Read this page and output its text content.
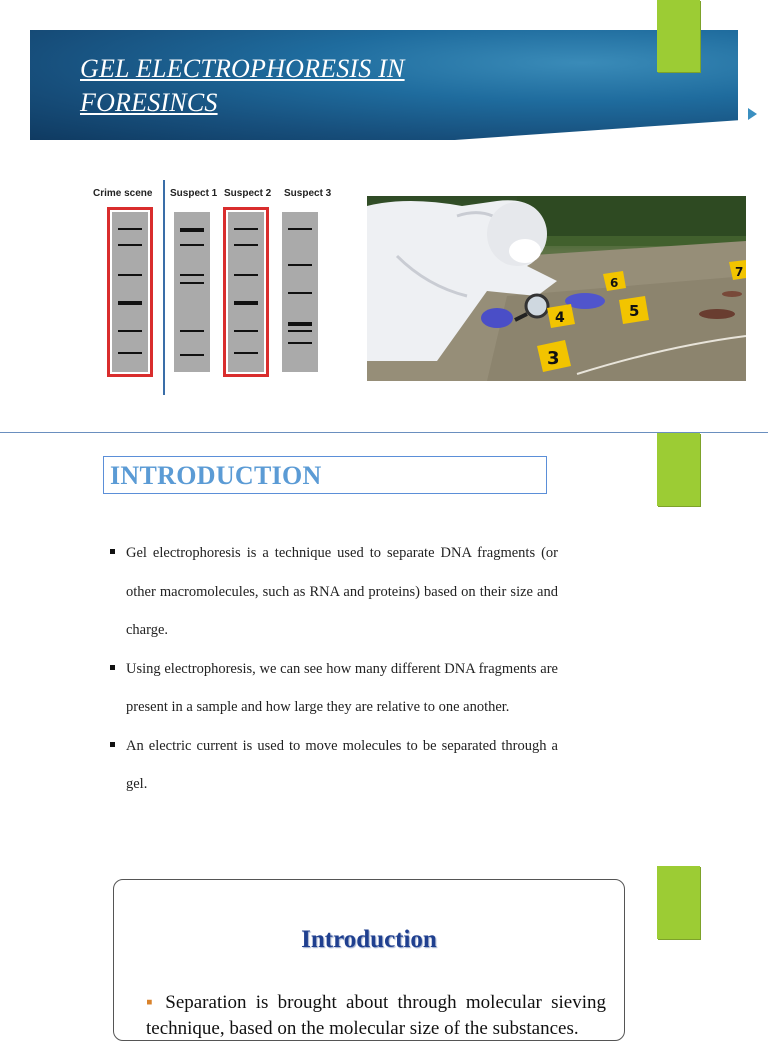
GEL ELECTROPHORESIS IN FORESINCS
Crime scene Suspect 1 Suspect 2 Suspect 3
3
4	5
6
7
INTRODUCTION
Gel electrophoresis is a technique used to separate DNA fragments (or other macromolecules, such as RNA and proteins) based on their size and charge.
Using electrophoresis, we can see how many different DNA fragments are present in a sample and how large they are relative to one another.
An electric current is used to move molecules to be separated through a gel.
Introduction
▪ Separation is brought about through molecular sieving technique, based on the molecular size of the substances.
